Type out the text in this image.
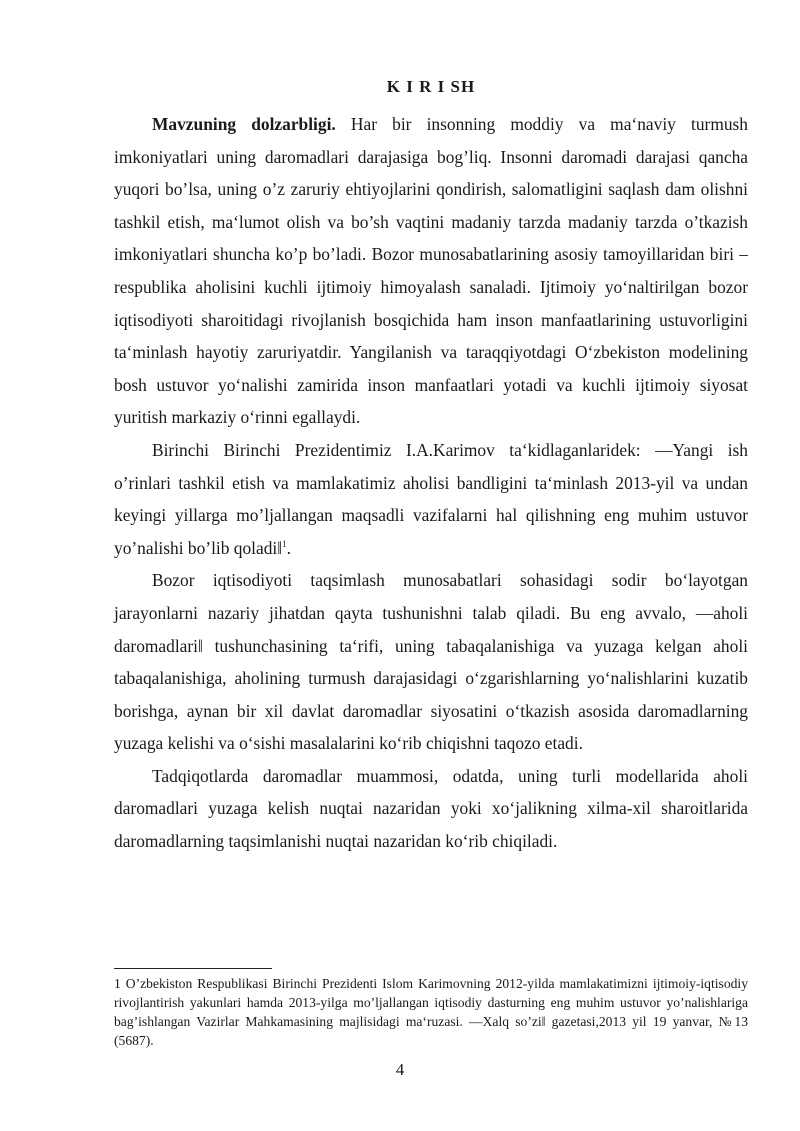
K I R I SH

Mavzuning dolzarbligi. Har bir insonning moddiy va ma‘naviy turmush imkoniyatlari uning daromadlari darajasiga bog’liq. Insonni daromadi darajasi qancha yuqori bo’lsa, uning o’z zaruriy ehtiyojlarini qondirish, salomatligini saqlash dam olishni tashkil etish, ma‘lumot olish va bo’sh vaqtini madaniy tarzda madaniy tarzda o’tkazish imkoniyatlari shuncha ko’p bo’ladi. Bozor munosabatlarining asosiy tamoyillaridan biri – respublika aholisini kuchli ijtimoiy himoyalash sanaladi. Ijtimoiy yo‘naltirilgan bozor iqtisodiyoti sharoitidagi rivojlanish bosqichida ham inson manfaatlarining ustuvorligini ta‘minlash hayotiy zaruriyatdir. Yangilanish va taraqqiyotdagi O‘zbekiston modelining bosh ustuvor yo‘nalishi zamirida inson manfaatlari yotadi va kuchli ijtimoiy siyosat yuritish markaziy o‘rinni egallaydi.

Birinchi Birinchi Prezidentimiz I.A.Karimov ta‘kidlaganlaridek: ―Yangi ish o’rinlari tashkil etish va mamlakatimiz aholisi bandligini ta‘minlash 2013-yil va undan keyingi yillarga mo’ljallangan maqsadli vazifalarni hal qilishning eng muhim ustuvor yo’nalishi bo’lib qoladi‖$^1$.

Bozor iqtisodiyoti taqsimlash munosabatlari sohasidagi sodir bo‘layotgan jarayonlarni nazariy jihatdan qayta tushunishni talab qiladi. Bu eng avvalo, ―aholi daromadlari‖ tushunchasining ta‘rifi, uning tabaqalanishiga va yuzaga kelgan aholi tabaqalanishiga, aholining turmush darajasidagi o‘zgarishlarning yo‘nalishlarini kuzatib borishga, aynan bir xil davlat daromadlar siyosatini o‘tkazish asosida daromadlarning yuzaga kelishi va o‘sishi masalalarini ko‘rib chiqishni taqozo etadi.

Tadqiqotlarda daromadlar muammosi, odatda, uning turli modellarida aholi daromadlari yuzaga kelish nuqtai nazaridan yoki xo‘jalikning xilma-xil sharoitlarida daromadlarning taqsimlanishi nuqtai nazaridan ko‘rib chiqiladi.

1 O’zbekiston Respublikasi Birinchi Prezidenti Islom Karimovning 2012-yilda mamlakatimizni ijtimoiy-iqtisodiy rivojlantirish yakunlari hamda 2013-yilga mo’ljallangan iqtisodiy dasturning eng muhim ustuvor yo’nalishlariga bag’ishlangan Vazirlar Mahkamasining majlisidagi ma‘ruzasi. ―Xalq so’zi‖ gazetasi,2013 yil 19 yanvar, №13 (5687).

4
